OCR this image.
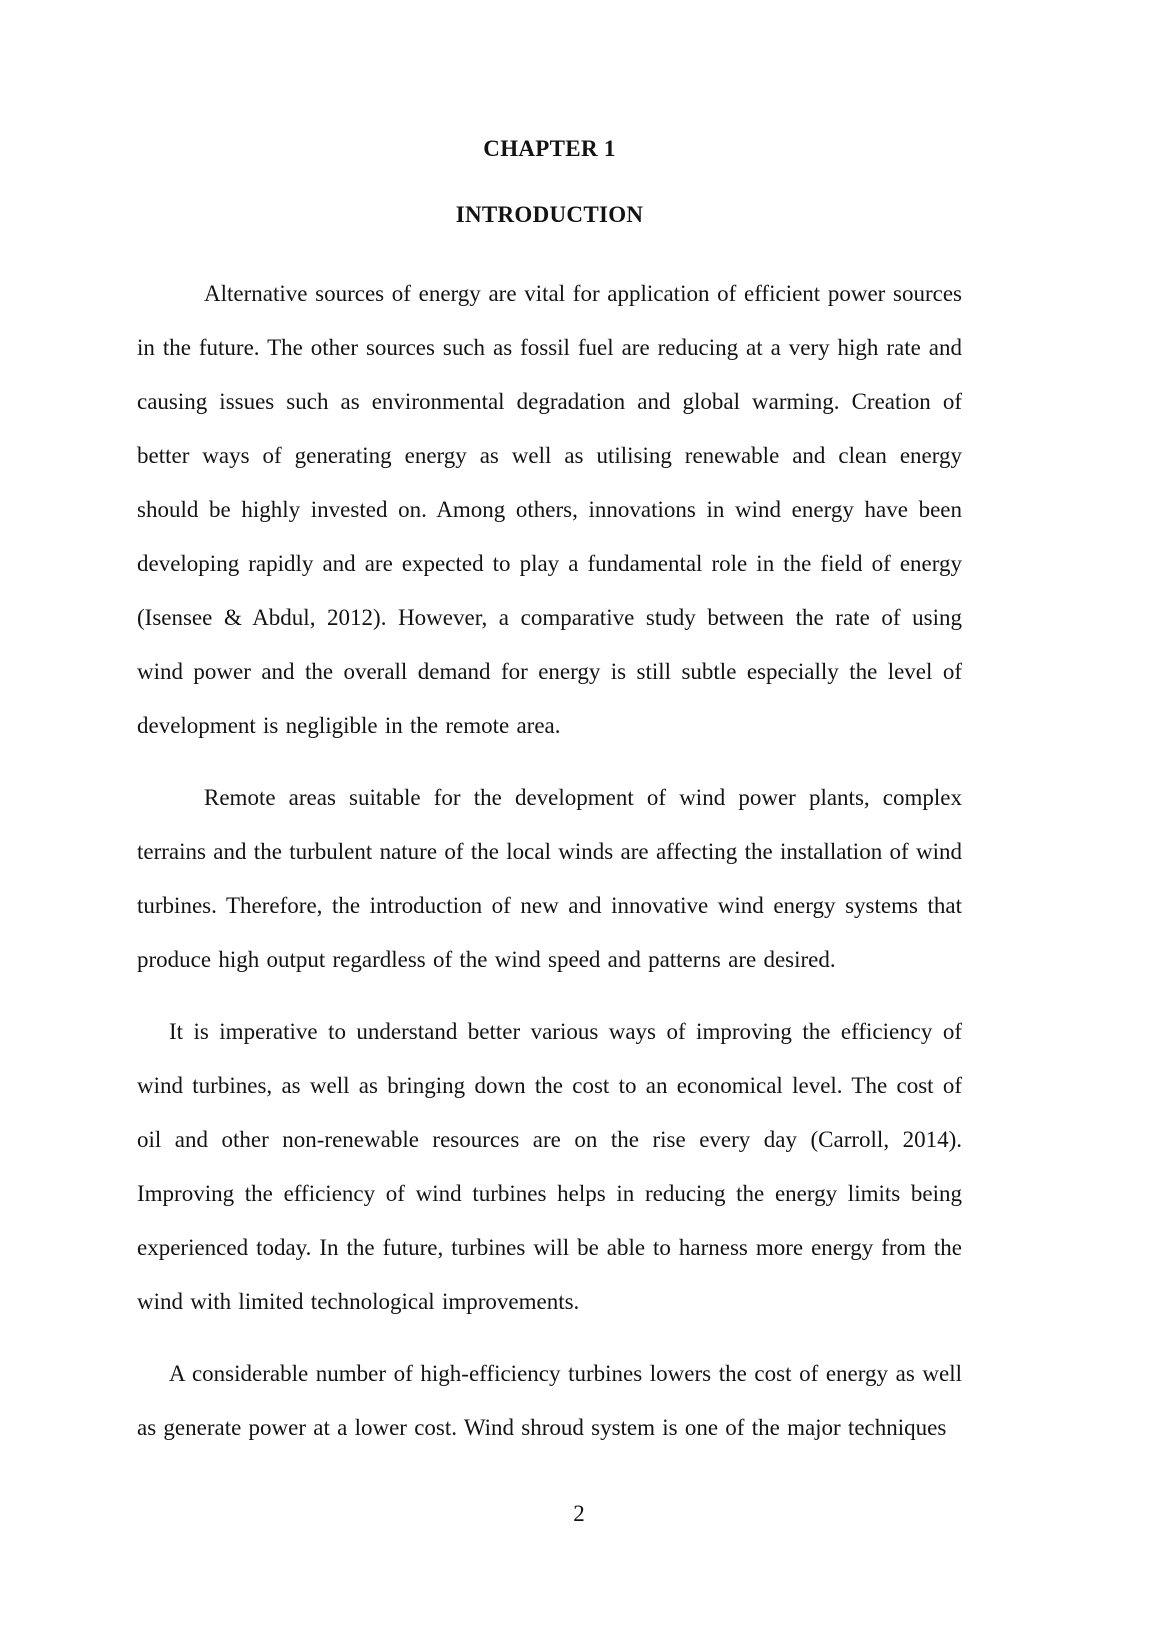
CHAPTER 1
INTRODUCTION

Alternative sources of energy are vital for application of efficient power sources in the future. The other sources such as fossil fuel are reducing at a very high rate and causing issues such as environmental degradation and global warming. Creation of better ways of generating energy as well as utilising renewable and clean energy should be highly invested on. Among others, innovations in wind energy have been developing rapidly and are expected to play a fundamental role in the field of energy (Isensee & Abdul, 2012). However, a comparative study between the rate of using wind power and the overall demand for energy is still subtle especially the level of development is negligible in the remote area.

Remote areas suitable for the development of wind power plants, complex terrains and the turbulent nature of the local winds are affecting the installation of wind turbines. Therefore, the introduction of new and innovative wind energy systems that produce high output regardless of the wind speed and patterns are desired.

It is imperative to understand better various ways of improving the efficiency of wind turbines, as well as bringing down the cost to an economical level. The cost of oil and other non-renewable resources are on the rise every day (Carroll, 2014). Improving the efficiency of wind turbines helps in reducing the energy limits being experienced today. In the future, turbines will be able to harness more energy from the wind with limited technological improvements.

A considerable number of high-efficiency turbines lowers the cost of energy as well as generate power at a lower cost. Wind shroud system is one of the major techniques

2
